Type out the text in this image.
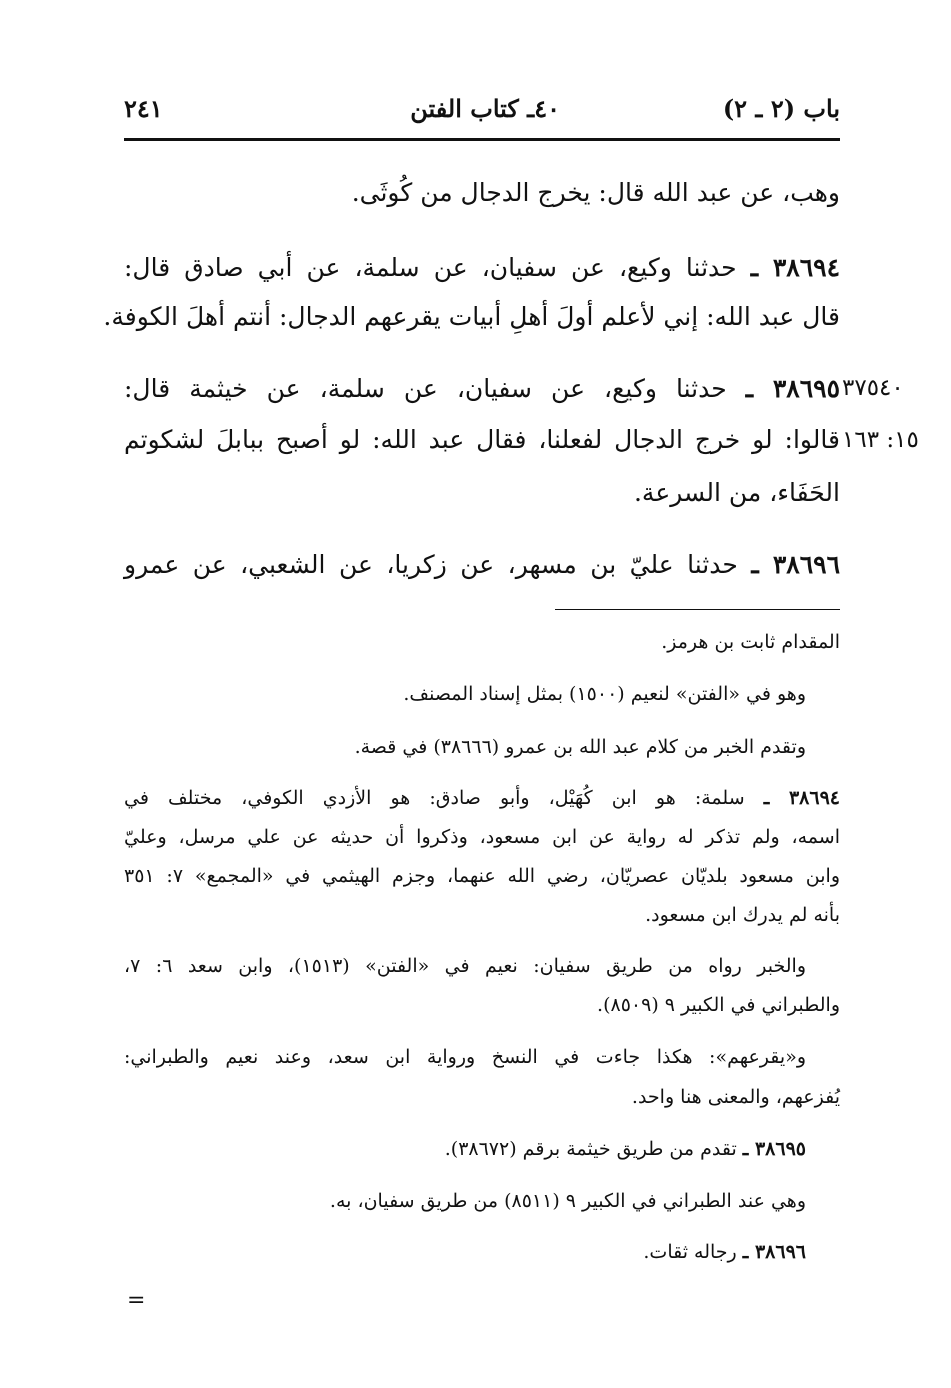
باب (٢ ـ ٢)
٤٠ـ كتاب الفتن
٢٤١
وهب، عن عبد الله قال: يخرج الدجال من كُوثَى.
٣٨٦٩٤ ـ حدثنا وكيع، عن سفيان، عن سلمة، عن أبي صادق قال:
قال عبد الله: إني لأعلم أولَ أهلِ أبيات يقرعهم الدجال: أنتم أهلَ الكوفة.
٣٨٦٩٥ ـ حدثنا وكيع، عن سفيان، عن سلمة، عن خيثمة قال:
قالوا: لو خرج الدجال لفعلنا، فقال عبد الله: لو أصبح ببابلَ لشكوتم
الحَفَاء، من السرعة.
٣٨٦٩٦ ـ حدثنا عليّ بن مسهر، عن زكريا، عن الشعبي، عن عمرو
٣٧٥٤٠
١٥: ١٦٣
المقدام ثابت بن هرمز.
وهو في «الفتن» لنعيم (١٥٠٠) بمثل إسناد المصنف.
وتقدم الخبر من كلام عبد الله بن عمرو (٣٨٦٦٦) في قصة.
٣٨٦٩٤ ـ سلمة: هو ابن كُهَيْل، وأبو صادق: هو الأزدي الكوفي، مختلف في
اسمه، ولم تذكر له رواية عن ابن مسعود، وذكروا أن حديثه عن علي مرسل، وعليّ
وابن مسعود بلديّان عصريّان، رضي الله عنهما، وجزم الهيثمي في «المجمع» ٧: ٣٥١
بأنه لم يدرك ابن مسعود.
والخبر رواه من طريق سفيان: نعيم في «الفتن» (١٥١٣)، وابن سعد ٦: ٧،
والطبراني في الكبير ٩ (٨٥٠٩).
و«يقرعهم»: هكذا جاءت في النسخ ورواية ابن سعد، وعند نعيم والطبراني:
يُفزعهم، والمعنى هنا واحد.
٣٨٦٩٥ ـ تقدم من طريق خيثمة برقم (٣٨٦٧٢).
وهي عند الطبراني في الكبير ٩ (٨٥١١) من طريق سفيان، به.
٣٨٦٩٦ ـ رجاله ثقات.
=
